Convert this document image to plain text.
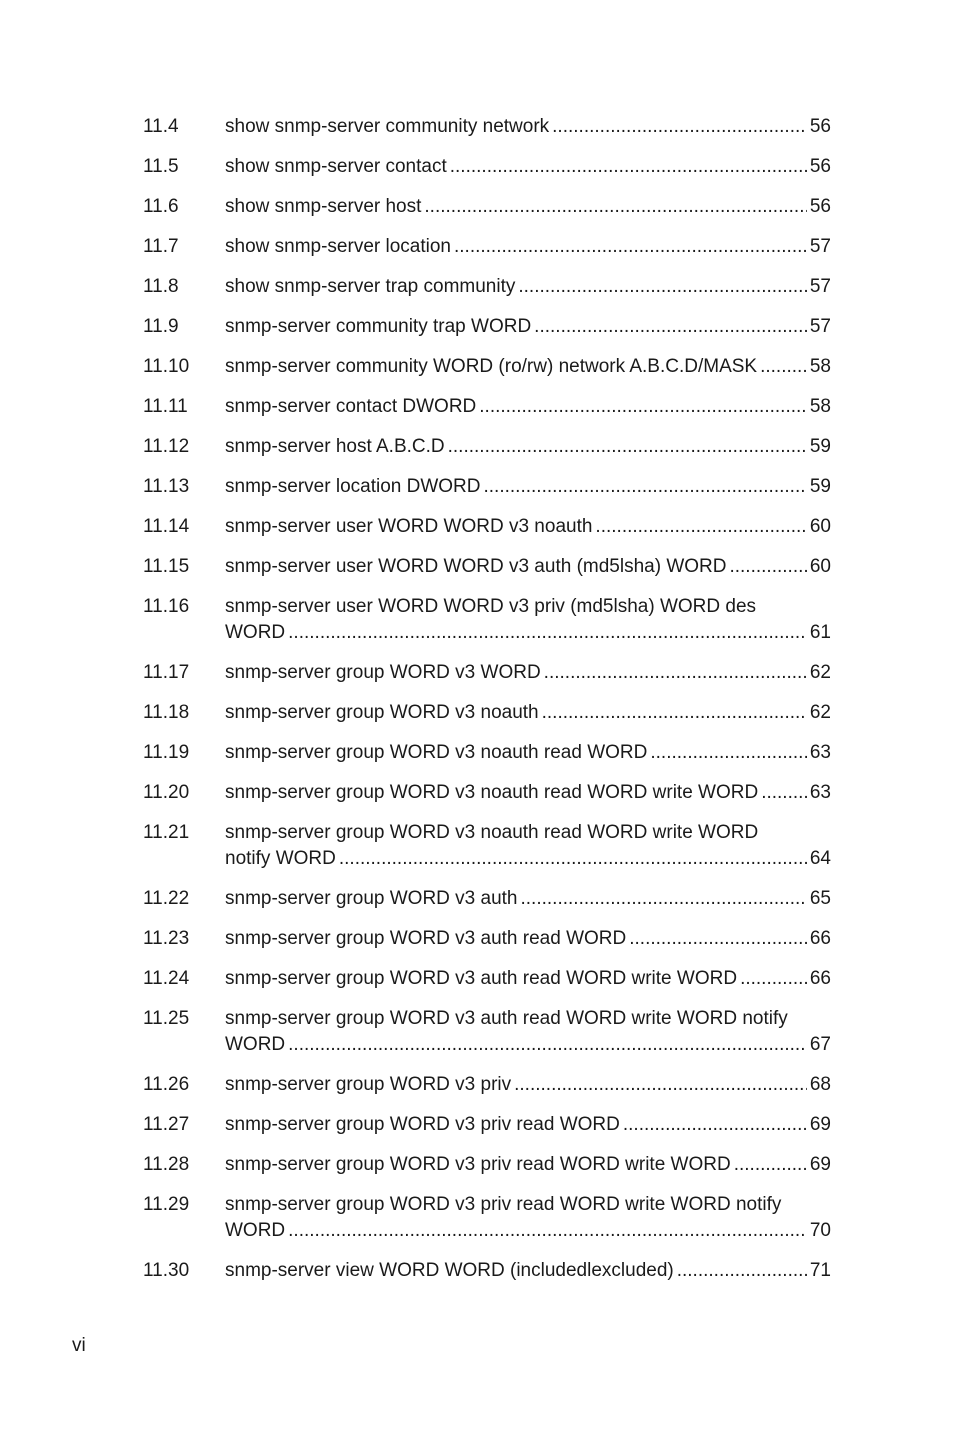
11.4	show snmp-server community network .....	56
11.5	show snmp-server contact .....	56
11.6	show snmp-server host .....	56
11.7	show snmp-server location .....	57
11.8	show snmp-server trap community .....	57
11.9	snmp-server community trap WORD .....	57
11.10	snmp-server community WORD (ro/rw) network A.B.C.D/MASK .....	58
11.11	snmp-server contact DWORD .....	58
11.12	snmp-server host A.B.C.D .....	59
11.13	snmp-server location DWORD .....	59
11.14	snmp-server user WORD WORD v3 noauth .....	60
11.15	snmp-server user WORD WORD v3 auth (md5lsha) WORD .....	60
11.16	snmp-server user WORD WORD v3 priv (md5lsha) WORD des
WORD .....	61
11.17	snmp-server group WORD v3 WORD .....	62
11.18	snmp-server group WORD v3 noauth .....	62
11.19	snmp-server group WORD v3 noauth read WORD .....	63
11.20	snmp-server group WORD v3 noauth read WORD write WORD .....	63
11.21	snmp-server group WORD v3 noauth read WORD write WORD
notify WORD .....	64
11.22	snmp-server group WORD v3 auth .....	65
11.23	snmp-server group WORD v3 auth read WORD .....	66
11.24	snmp-server group WORD v3 auth read WORD write WORD .....	66
11.25	snmp-server group WORD v3 auth read WORD write WORD notify
WORD .....	67
11.26	snmp-server group WORD v3 priv .....	68
11.27	snmp-server group WORD v3 priv read WORD .....	69
11.28	snmp-server group WORD v3 priv read WORD write WORD .....	69
11.29	snmp-server group WORD v3 priv read WORD write WORD notify
WORD .....	70
11.30	snmp-server view WORD WORD (includedlexcluded) .....	71
vi
